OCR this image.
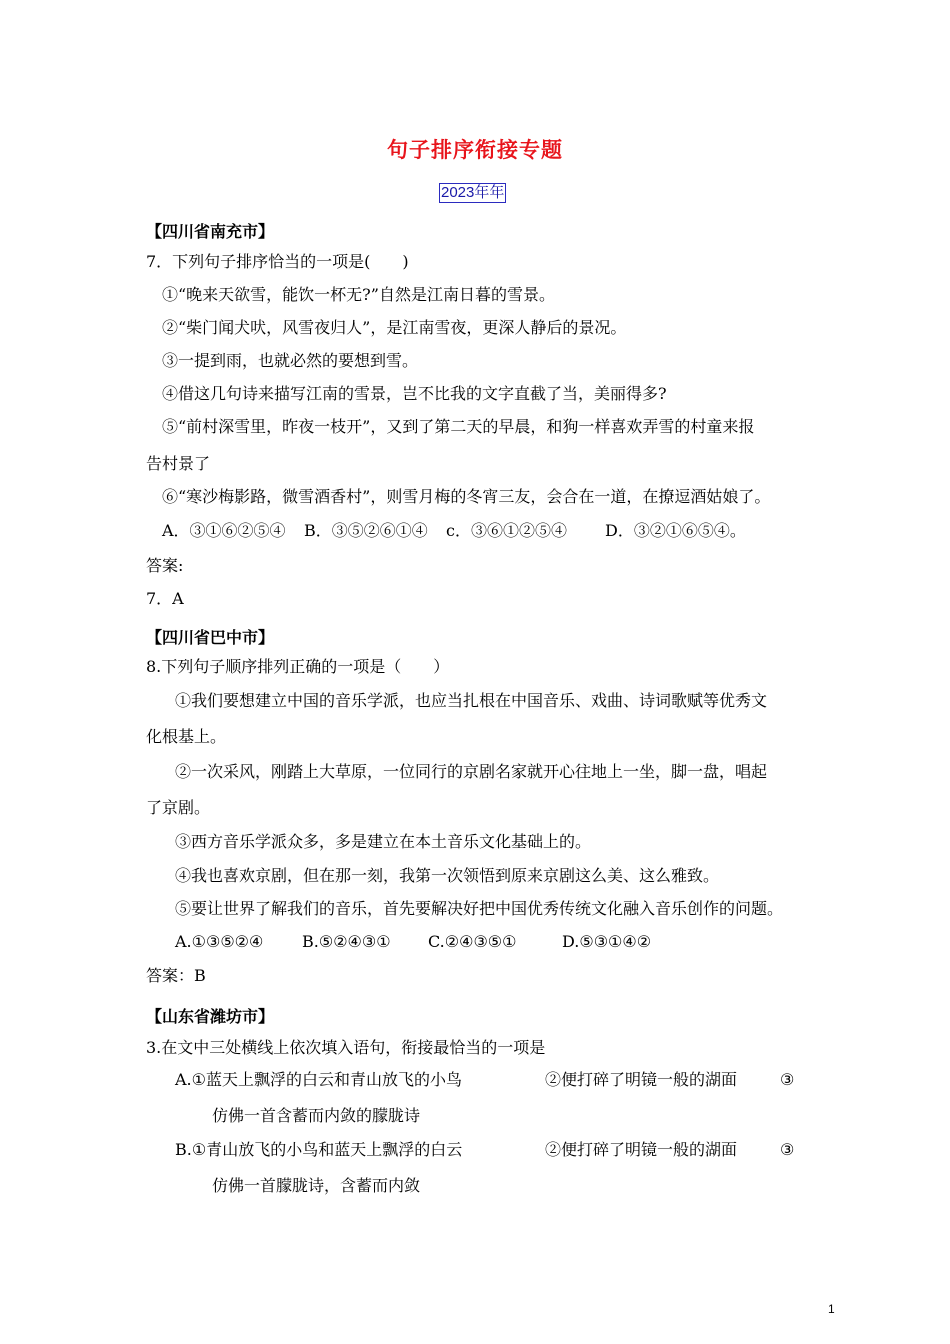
句子排序衔接专题
2023年年
【四川省南充市】
7．下列句子排序恰当的一项是(　　)
①“晚来天欲雪，能饮一杯无?”自然是江南日暮的雪景。
②“柴门闻犬吠，风雪夜归人”，是江南雪夜，更深人静后的景况。
③一提到雨，也就必然的要想到雪。
④借这几句诗来描写江南的雪景，岂不比我的文字直截了当，美丽得多?
⑤“前村深雪里，昨夜一枝开”，又到了第二天的早晨，和狗一样喜欢弄雪的村童来报
告村景了
⑥“寒沙梅影路，微雪酒香村”，则雪月梅的冬宵三友，会合在一道，在撩逗酒姑娘了。
A．③①⑥②⑤④ B．③⑤②⑥①④ c．③⑥①②⑤④ D．③②①⑥⑤④。
答案:
7．A
【四川省巴中市】
8.下列句子顺序排列正确的一项是（　　）
①我们要想建立中国的音乐学派，也应当扎根在中国音乐、戏曲、诗词歌赋等优秀文
化根基上。
②一次采风，刚踏上大草原，一位同行的京剧名家就开心往地上一坐，脚一盘，唱起
了京剧。
③西方音乐学派众多，多是建立在本土音乐文化基础上的。
④我也喜欢京剧，但在那一刻，我第一次领悟到原来京剧这么美、这么雅致。
⑤要让世界了解我们的音乐，首先要解决好把中国优秀传统文化融入音乐创作的问题。
A.①③⑤②④ B.⑤②④③① C.②④③⑤①	D.⑤③①④②
答案：B
【山东省潍坊市】
3.在文中三处横线上依次填入语句，衔接最恰当的一项是
A.①蓝天上飘浮的白云和青山放飞的小鸟	②便打碎了明镜一般的湖面	③
仿佛一首含蓄而内敛的朦胧诗
B.①青山放飞的小鸟和蓝天上飘浮的白云	②便打碎了明镜一般的湖面	③
仿佛一首朦胧诗，含蓄而内敛
1
